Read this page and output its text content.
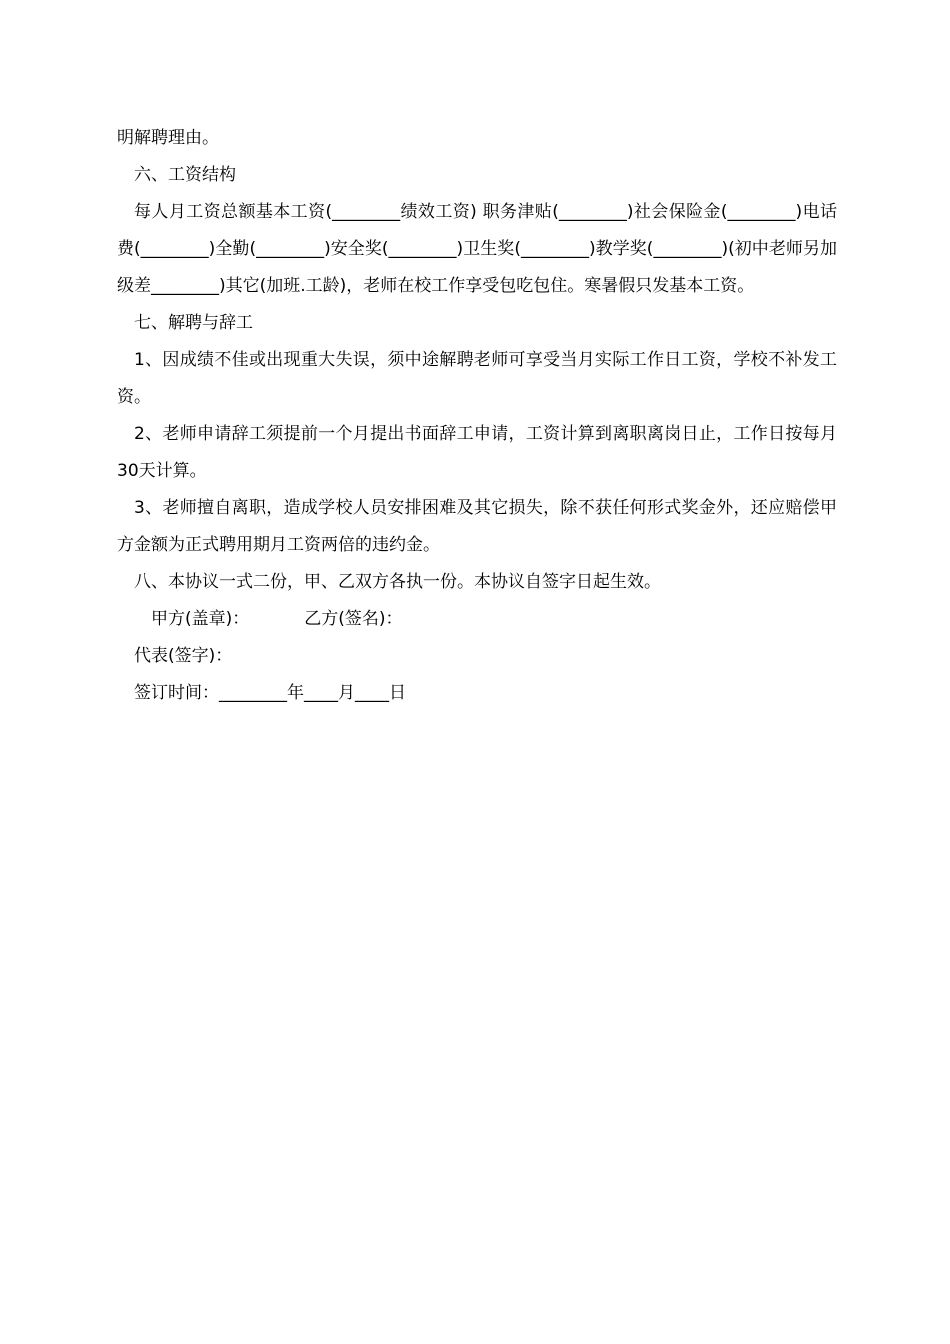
明解聘理由。

六、工资结构

每人月工资总额基本工资(________绩效工资) 职务津贴(________)社会保险金(________)电话费(________)全勤(________)安全奖(________)卫生奖(________)教学奖(________)(初中老师另加级差________)其它(加班.工龄)，老师在校工作享受包吃包住。寒暑假只发基本工资。

七、解聘与辞工

1、因成绩不佳或出现重大失误，须中途解聘老师可享受当月实际工作日工资，学校不补发工资。

2、老师申请辞工须提前一个月提出书面辞工申请，工资计算到离职离岗日止，工作日按每月30天计算。

3、老师擅自离职，造成学校人员安排困难及其它损失，除不获任何形式奖金外，还应赔偿甲方金额为正式聘用期月工资两倍的违约金。

八、本协议一式二份，甲、乙双方各执一份。本协议自签字日起生效。

甲方(盖章)：	乙方(签名)：

代表(签字)：

签订时间：________年____月____日
